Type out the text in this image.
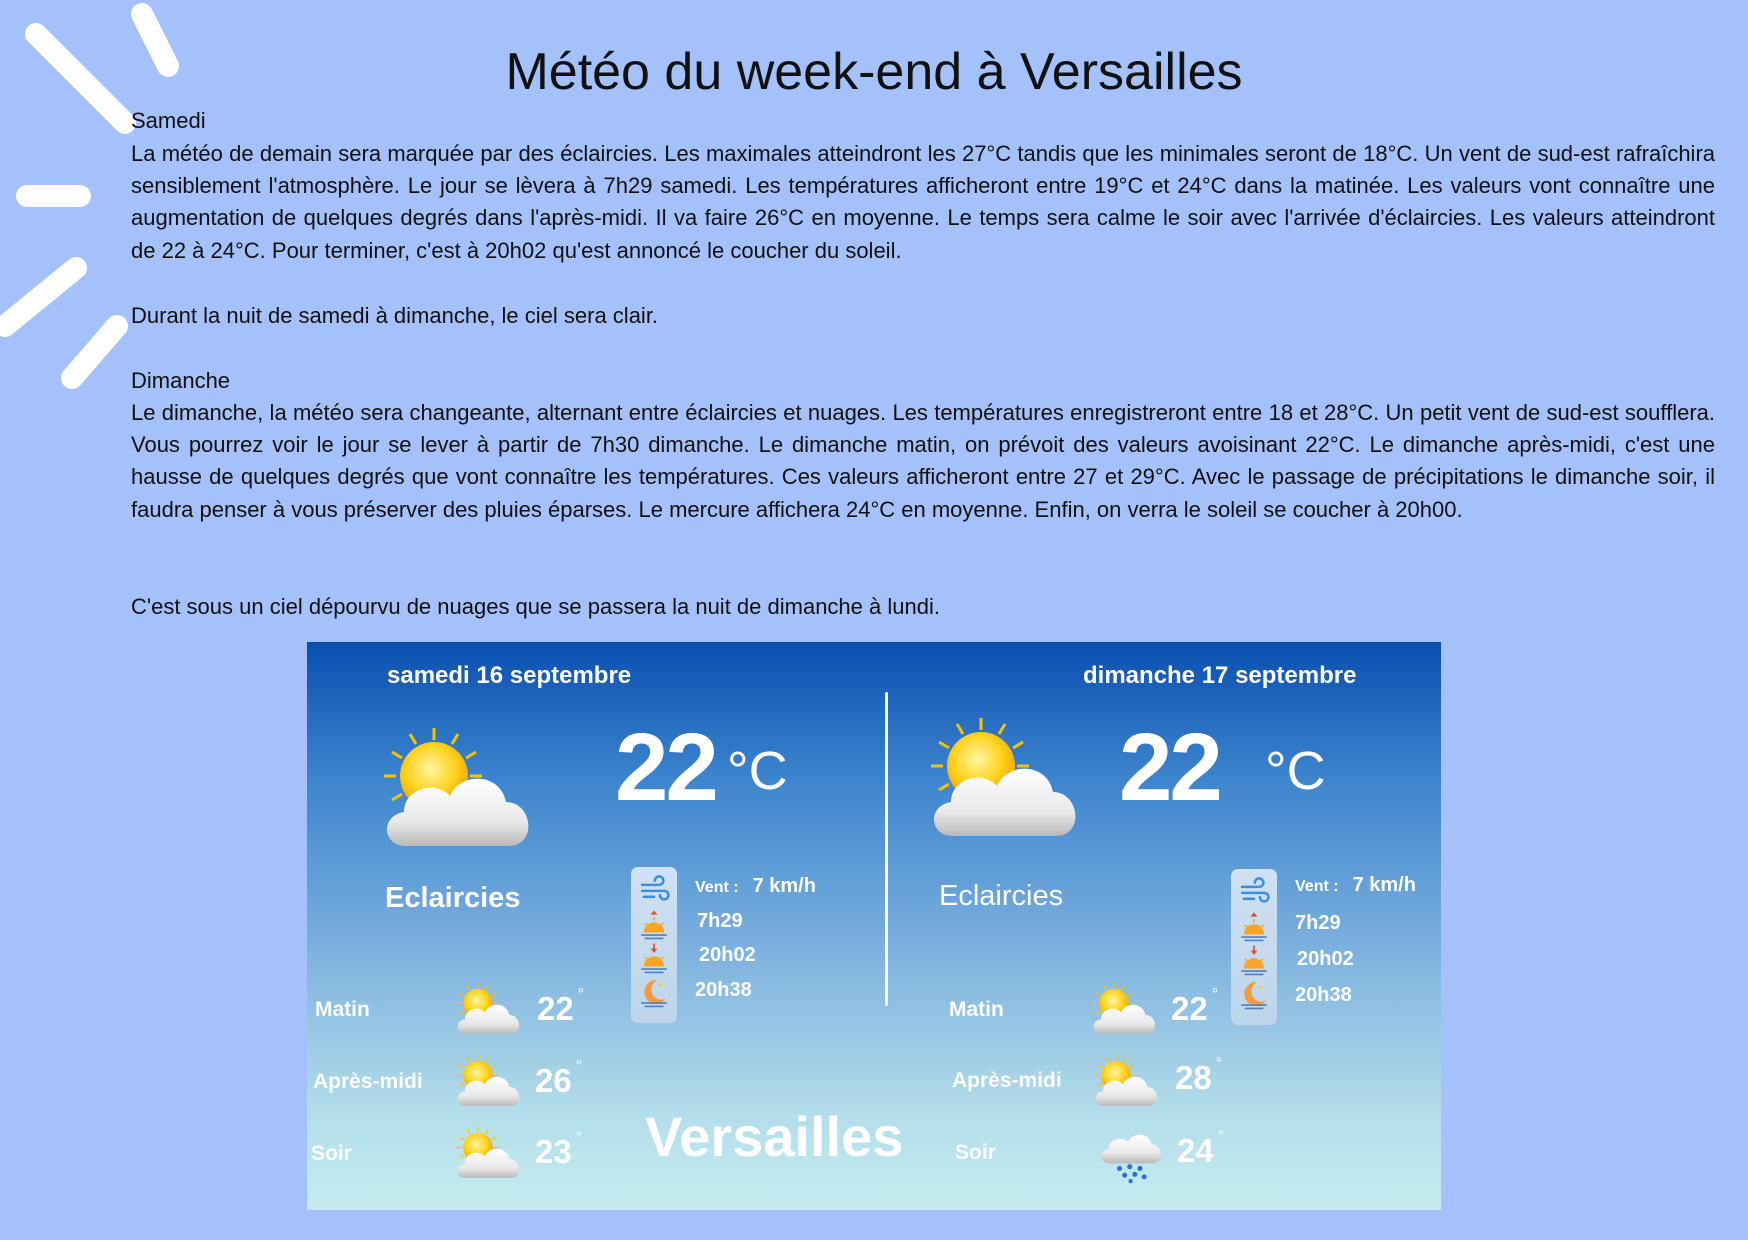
Météo du week-end à Versailles
Samedi
La météo de demain sera marquée par des éclaircies. Les maximales atteindront les 27°C tandis que les minimales seront de 18°C. Un vent de sud-est rafraîchira sensiblement l'atmosphère. Le jour se lèvera à 7h29 samedi. Les températures afficheront entre 19°C et 24°C dans la matinée. Les valeurs vont connaître une augmentation de quelques degrés dans l'après-midi. Il va faire 26°C en moyenne. Le temps sera calme le soir avec l'arrivée d'éclaircies. Les valeurs atteindront de 22 à 24°C. Pour terminer, c'est à 20h02 qu'est annoncé le coucher du soleil.
Durant la nuit de samedi à dimanche, le ciel sera clair.
Dimanche
Le dimanche, la météo sera changeante, alternant entre éclaircies et nuages. Les températures enregistreront entre 18 et 28°C. Un petit vent de sud-est soufflera. Vous pourrez voir le jour se lever à partir de 7h30 dimanche. Le dimanche matin, on prévoit des valeurs avoisinant 22°C. Le dimanche après-midi, c'est une hausse de quelques degrés que vont connaître les températures. Ces valeurs afficheront entre 27 et 29°C. Avec le passage de précipitations le dimanche soir, il faudra penser à vous préserver des pluies éparses. Le mercure affichera 24°C en moyenne. Enfin, on verra le soleil se coucher à 20h00.
C'est sous un ciel dépourvu de nuages que se passera la nuit de dimanche à lundi.
samedi 16 septembre
22 °C
Eclaircies	Vent : 7 km/h
7h29
20h02
20h38
Matin	22 °
Après-midi	26 °
Soir	23 °
dimanche 17 septembre
22 °C
Eclaircies	Vent : 7 km/h
7h29
20h02
20h38
Matin	22 °
Après-midi	28 °
Soir	24 °
Versailles
